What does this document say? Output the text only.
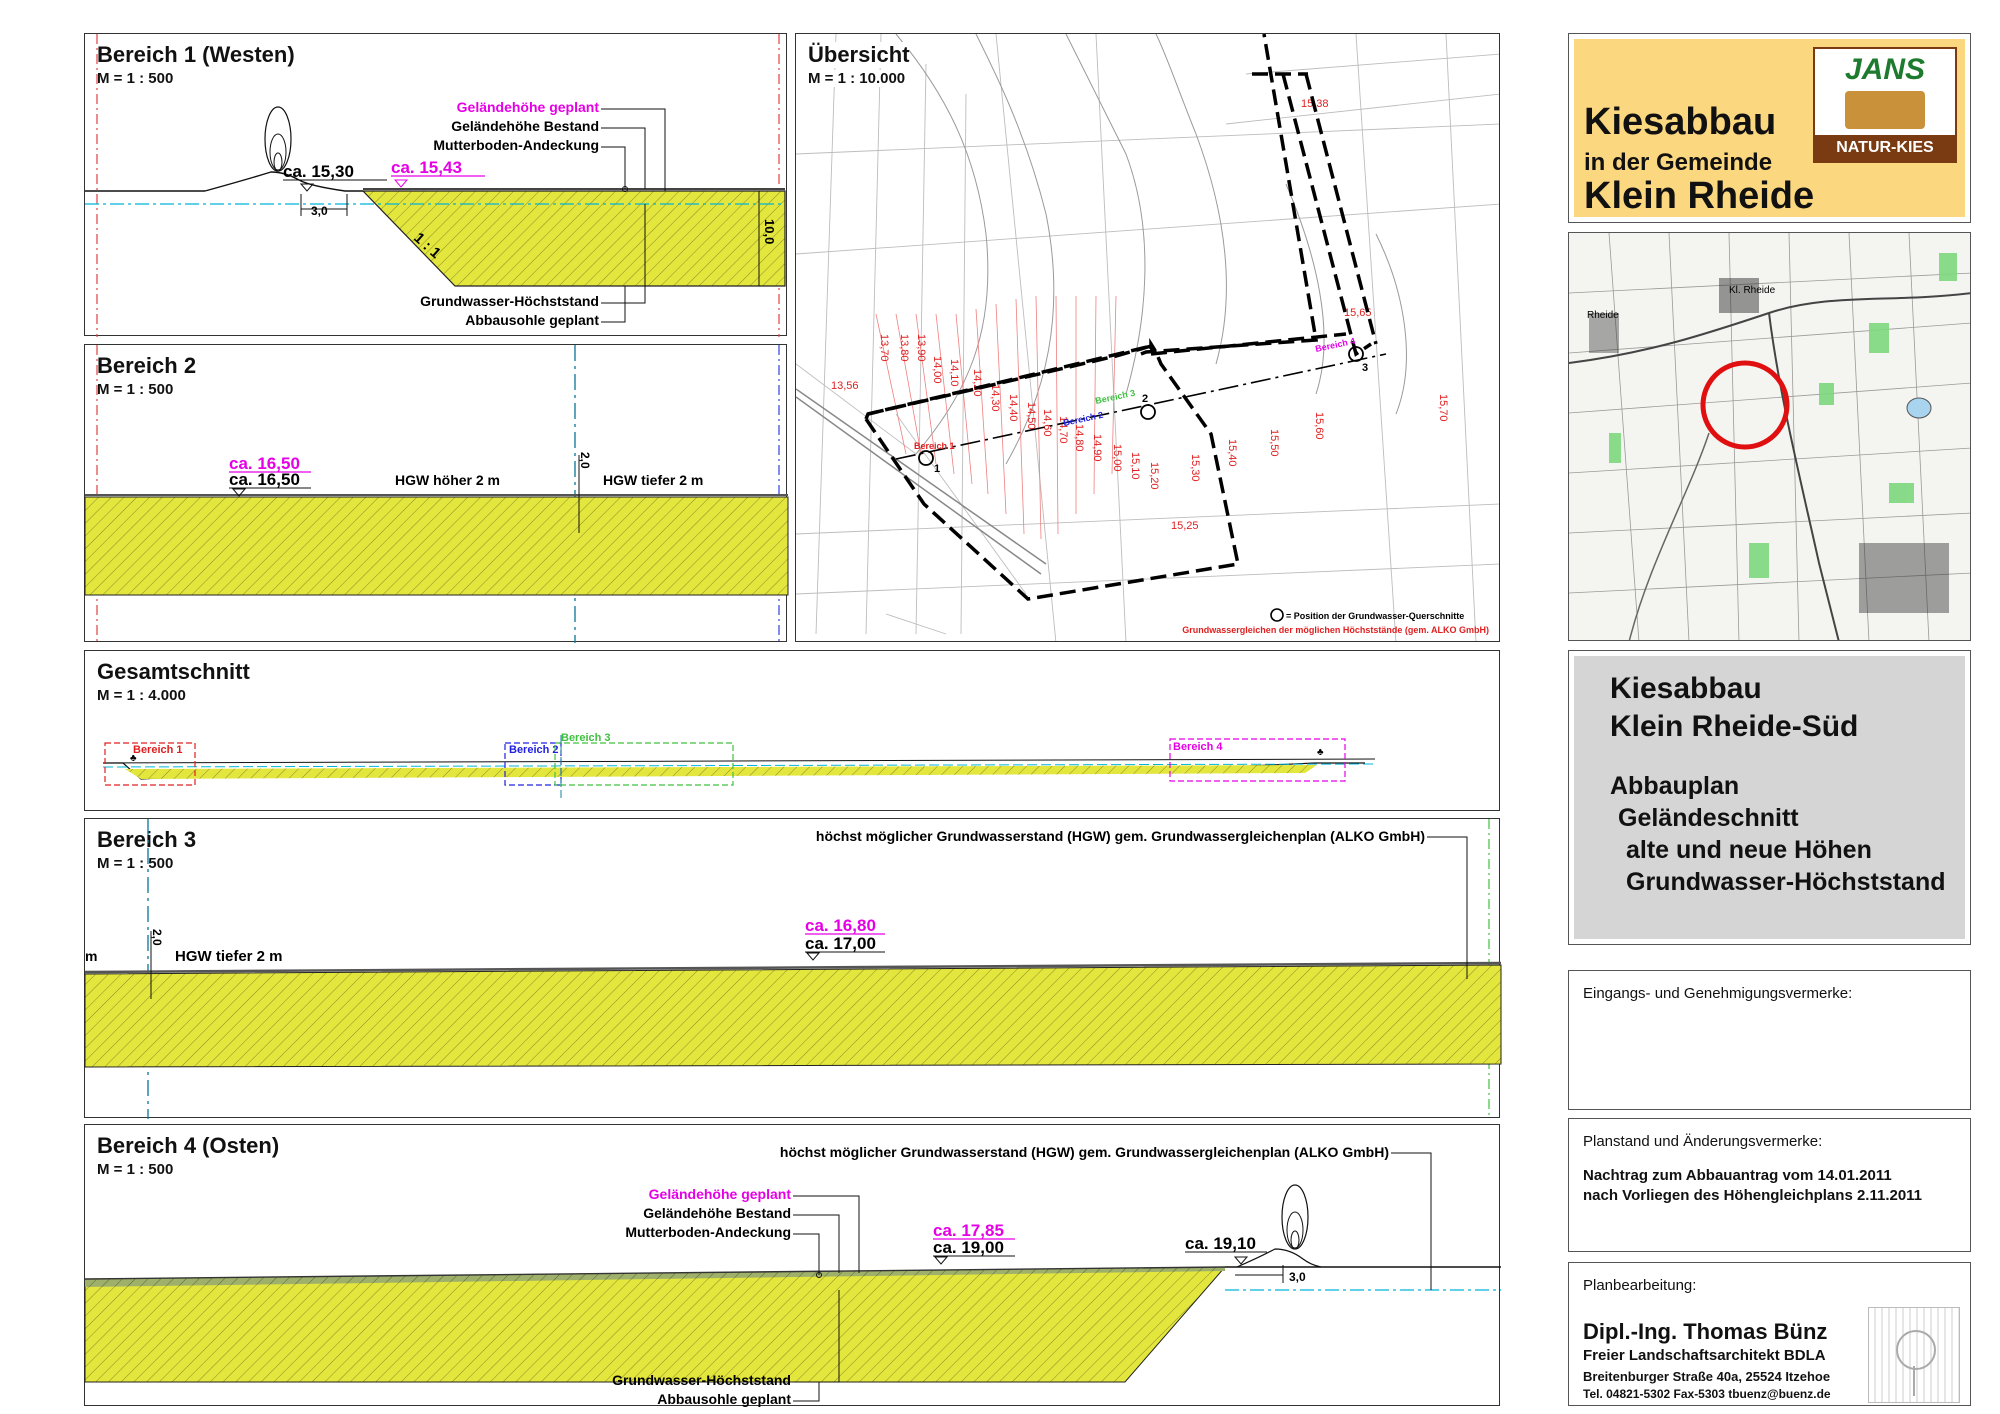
Bereich 1 (Westen)
M = 1 : 500
3,0
1 : 1	10,0
ca. 15,30 ca. 15,43
Geländehöhe geplant
Geländehöhe Bestand
Mutterboden-Andeckung
Grundwasser-Höchststand
Abbausohle geplant
Bereich 2
M = 1 : 500
ca. 16,50
ca. 16,50	HGW höher 2 m	HGW tiefer 2 m
2,0
13,56
13,70 13,80 13,90
14,00 14,10 14,20
14,30 14,40 14,50 14,60 14,70 14,80 14,90 15,00 15,10 15,20
15,25
15,30
15,40	15,50
15,60
15,65
15,70
15,38
1
2
3
Bereich 1
Bereich 2
Bereich 3
Bereich 4
= Position der Grundwasser-Querschnitte
Grundwassergleichen der möglichen Höchststände (gem. ALKO GmbH)
Übersicht
M = 1 : 10.000
Gesamtschnitt
M = 1 : 4.000
♣
♣
Bereich 1	Bereich 2
Bereich 3
Bereich 4
Bereich 3
M = 1 : 500
m	HGW tiefer 2 m
2,0
ca. 16,80
ca. 17,00
höchst möglicher Grundwasserstand (HGW) gem. Grundwassergleichenplan (ALKO GmbH)
Bereich 4 (Osten)
M = 1 : 500
3,0
ca. 19,10
ca. 17,85
ca. 19,00
Geländehöhe geplant
Geländehöhe Bestand
Mutterboden-Andeckung
Grundwasser-Höchststand
Abbausohle geplant
höchst möglicher Grundwasserstand (HGW) gem. Grundwassergleichenplan (ALKO GmbH)
Kiesabbau
in der Gemeinde
Klein Rheide
JANS
NATUR-KIES
Kl. Rheide
Rheide
Kiesabbau
Klein Rheide-Süd
Abbauplan
Geländeschnitt
alte und neue Höhen
Grundwasser-Höchststand
Eingangs- und Genehmigungsvermerke:
Planstand und Änderungsvermerke:
Nachtrag zum Abbauantrag vom 14.01.2011
nach Vorliegen des Höhengleichplans 2.11.2011
Planbearbeitung:
Dipl.-Ing. Thomas Bünz
Freier Landschaftsarchitekt BDLA
Breitenburger Straße 40a, 25524 Itzehoe
Tel. 04821-5302 Fax-5303 tbuenz@buenz.de
